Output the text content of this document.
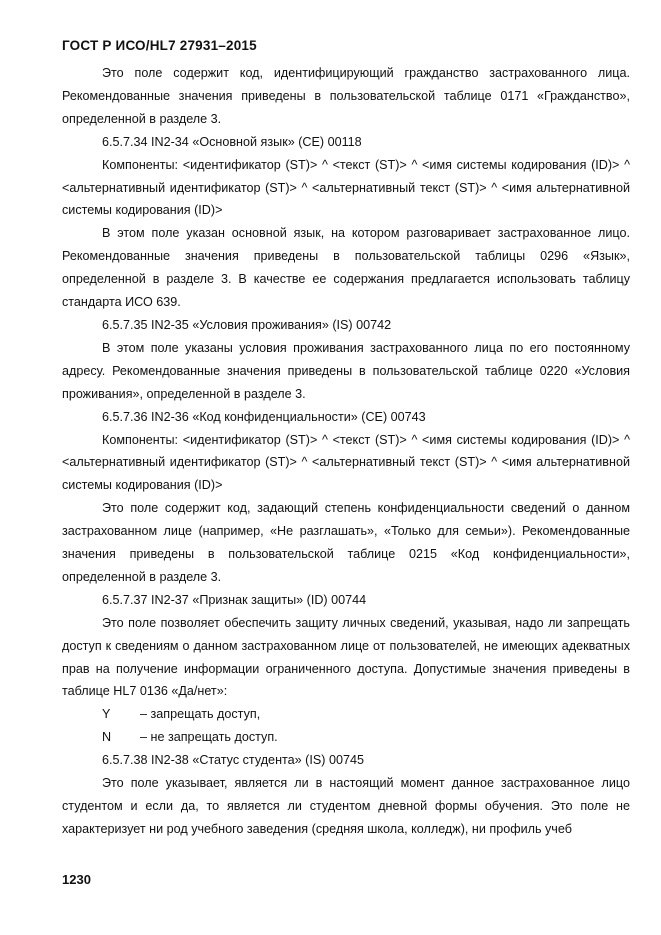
ГОСТ Р ИСО/HL7 27931–2015

Это поле содержит код, идентифицирующий гражданство застрахованного лица. Рекомендованные значения приведены в пользовательской таблице 0171 «Гражданство», определенной в разделе 3.

6.5.7.34 IN2-34 «Основной язык» (CE) 00118

Компоненты: <идентификатор (ST)> ^ <текст (ST)> ^ <имя системы кодирования (ID)> ^ <альтернативный идентификатор (ST)> ^ <альтернативный текст (ST)> ^ <имя альтернативной системы кодирования (ID)>

В этом поле указан основной язык, на котором разговаривает застрахованное лицо. Рекомендованные значения приведены в пользовательской таблицы 0296 «Язык», определенной в разделе 3. В качестве ее содержания предлагается использовать таблицу стандарта ИСО 639.

6.5.7.35 IN2-35 «Условия проживания» (IS) 00742

В этом поле указаны условия проживания застрахованного лица по его постоянному адресу. Рекомендованные значения приведены в пользовательской таблице 0220 «Условия проживания», определенной в разделе 3.

6.5.7.36 IN2-36 «Код конфиденциальности» (CE) 00743

Компоненты: <идентификатор (ST)> ^ <текст (ST)> ^ <имя системы кодирования (ID)> ^ <альтернативный идентификатор (ST)> ^ <альтернативный текст (ST)> ^ <имя альтернативной системы кодирования (ID)>

Это поле содержит код, задающий степень конфиденциальности сведений о данном застрахованном лице (например, «Не разглашать», «Только для семьи»). Рекомендованные значения приведены в пользовательской таблице 0215 «Код конфиденциальности», определенной в разделе 3.

6.5.7.37 IN2-37 «Признак защиты» (ID) 00744

Это поле позволяет обеспечить защиту личных сведений, указывая, надо ли запрещать доступ к сведениям о данном застрахованном лице от пользователей, не имеющих адекватных прав на получение информации ограниченного доступа. Допустимые значения приведены в таблице HL7 0136 «Да/нет»:

Y – запрещать доступ,

N – не запрещать доступ.

6.5.7.38 IN2-38 «Статус студента» (IS) 00745

Это поле указывает, является ли в настоящий момент данное застрахованное лицо студентом и если да, то является ли студентом дневной формы обучения. Это поле не характеризует ни род учебного заведения (средняя школа, колледж), ни профиль учеб

1230
